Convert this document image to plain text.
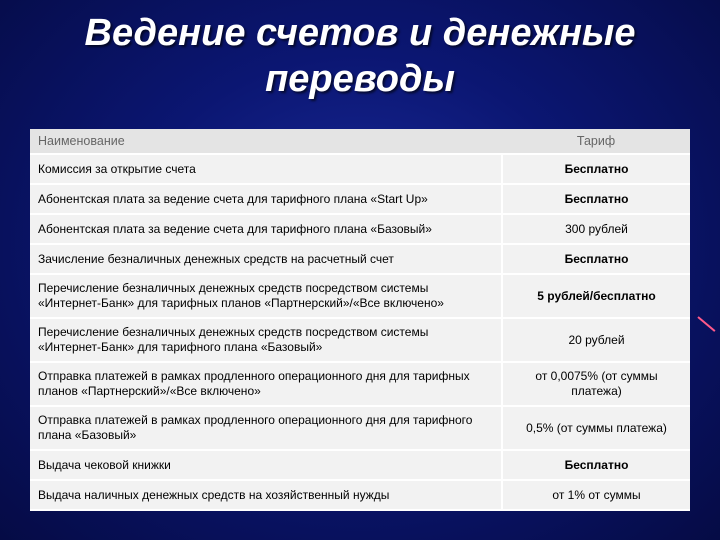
Ведение счетов и денежные
переводы
Наименование	Тариф
Комиссия за открытие счета	Бесплатно
Абонентская плата за ведение счета для тарифного плана «Start Up»	Бесплатно
Абонентская плата за ведение счета для тарифного плана «Базовый»	300 рублей
Зачисление безналичных денежных средств на расчетный счет	Бесплатно
Перечисление безналичных денежных средств посредством системы «Интернет-Банк» для тарифных планов «Партнерский»/«Все включено»	5 рублей/бесплатно
Перечисление безналичных денежных средств посредством системы «Интернет-Банк» для тарифного плана «Базовый»	20 рублей
Отправка платежей в рамках продленного операционного дня для тарифных планов «Партнерский»/«Все включено»	от 0,0075% (от суммы платежа)
Отправка платежей в рамках продленного операционного дня для тарифного плана «Базовый»	0,5% (от суммы платежа)
Выдача чековой книжки	Бесплатно
Выдача наличных денежных средств на хозяйственный нужды	от 1% от суммы
